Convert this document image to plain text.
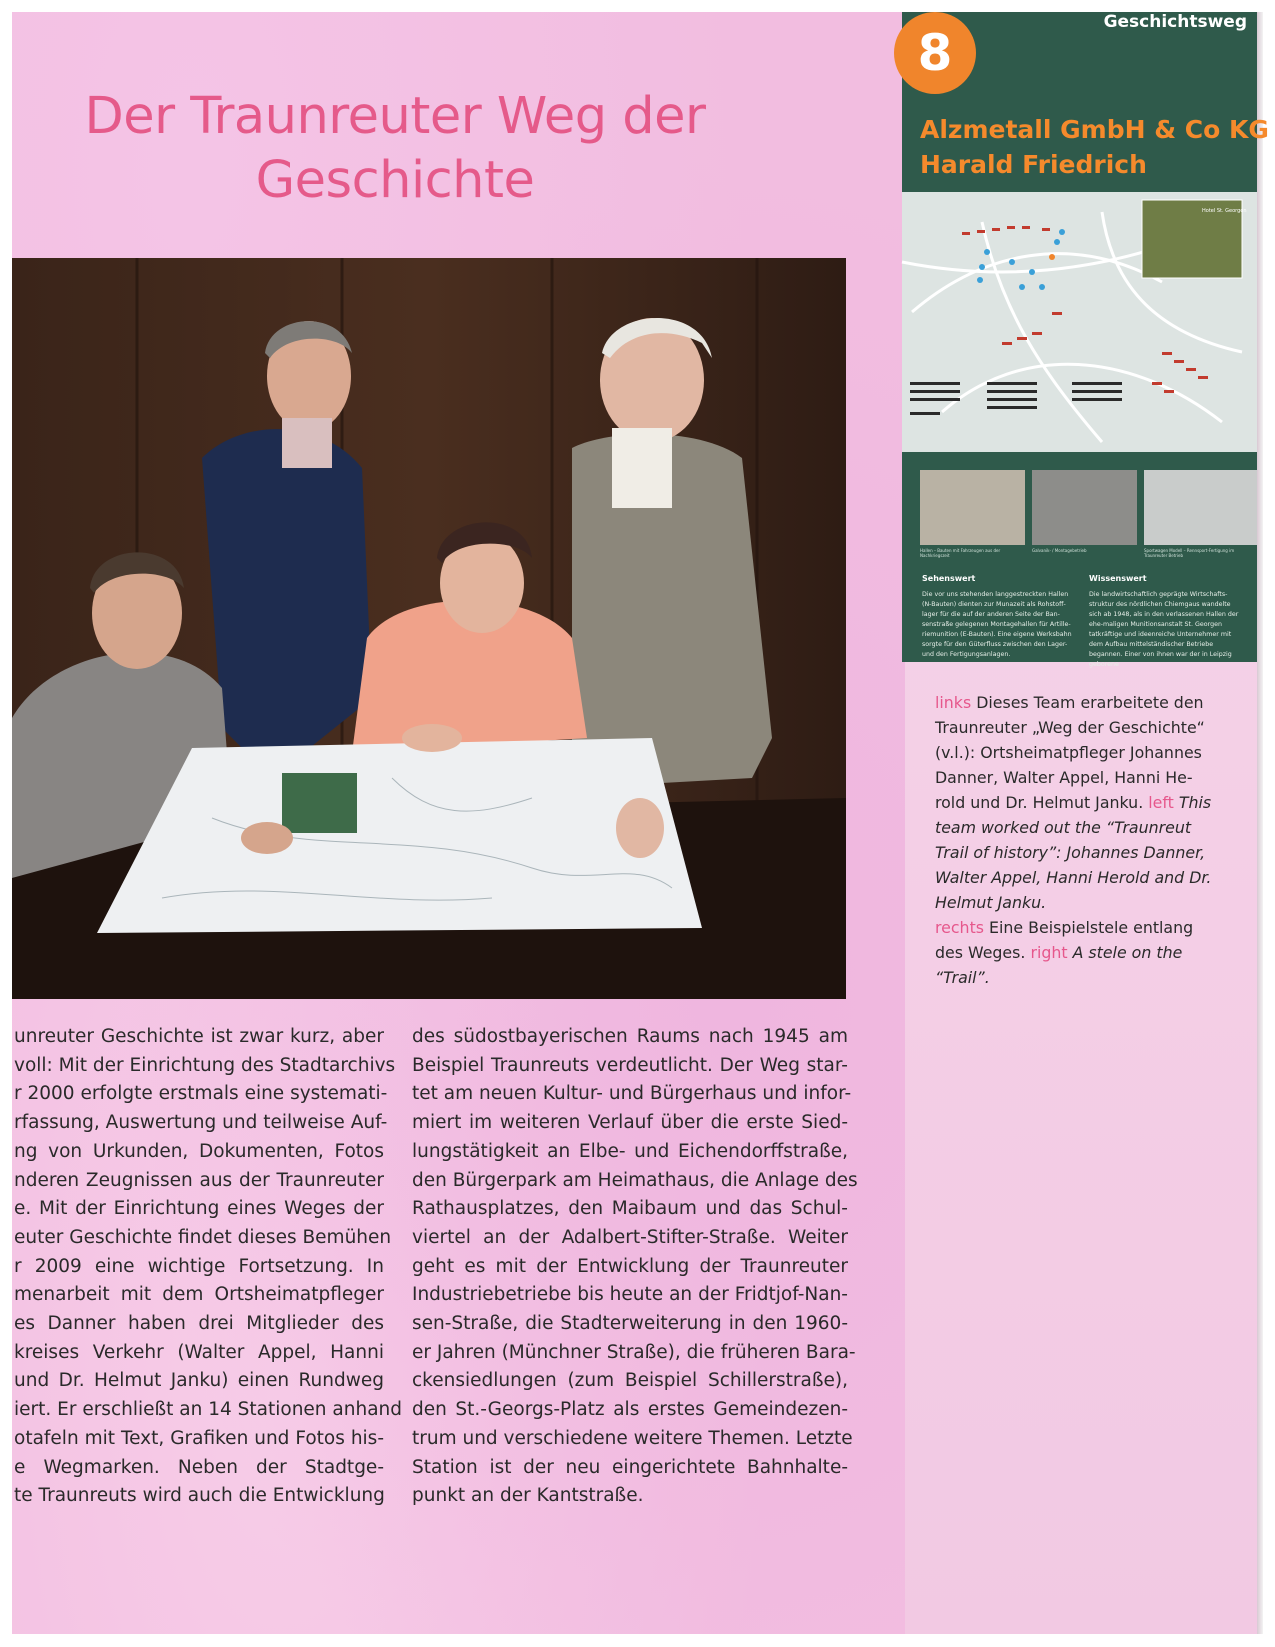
Der Traunreuter Weg der
Geschichte
unreuter Geschichte ist zwar kurz, aber
voll: Mit der Einrichtung des Stadtarchivs
r 2000 erfolgte erstmals eine systemati-
rfassung, Auswertung und teilweise Auf-
ng von Urkunden, Dokumenten, Fotos
nderen Zeugnissen aus der Traunreuter
e. Mit der Einrichtung eines Weges der
euter Geschichte findet dieses Bemühen
r 2009 eine wichtige Fortsetzung. In
menarbeit mit dem Ortsheimatpfleger
es Danner haben drei Mitglieder des
kreises Verkehr (Walter Appel, Hanni
und Dr. Helmut Janku) einen Rundweg
iert. Er erschließt an 14 Stationen anhand
otafeln mit Text, Grafiken und Fotos his-
e Wegmarken. Neben der Stadtge-
te Traunreuts wird auch die Entwicklung
des südostbayerischen Raums nach 1945 am
Beispiel Traunreuts verdeutlicht. Der Weg star-
tet am neuen Kultur- und Bürgerhaus und infor-
miert im weiteren Verlauf über die erste Sied-
lungstätigkeit an Elbe- und Eichendorffstraße,
den Bürgerpark am Heimathaus, die Anlage des
Rathausplatzes, den Maibaum und das Schul-
viertel an der Adalbert-Stifter-Straße. Weiter
geht es mit der Entwicklung der Traunreuter
Industriebetriebe bis heute an der Fridtjof-Nan-
sen-Straße, die Stadterweiterung in den 1960-
er Jahren (Münchner Straße), die früheren Bara-
ckensiedlungen (zum Beispiel Schillerstraße),
den St.-Georgs-Platz als erstes Gemeindezen-
trum und verschiedene weitere Themen. Letzte
Station ist der neu eingerichtete Bahnhalte-
punkt an der Kantstraße.
8
Geschichtsweg
Alzmetall GmbH & Co KG
Harald Friedrich
Hotel St. Georgen
Hallen – Bauten mit Fahrzeugen aus der Nachkriegszeit
Galvanik- / Montagebetrieb	Sportwagen Modell – Rennsport-Fertigung im Traunreuter Betrieb
Sehenswert
Die vor uns stehenden langgestreckten Hallen (N-Bauten) dienten zur Munazeit als Rohstoff-lager für die auf der anderen Seite der Ban-senstraße gelegenen Montagehallen für Artille-riemunition (E-Bauten). Eine eigene Werksbahn sorgte für den Güterfluss zwischen den Lager- und den Fertigungsanlagen.
Wissenswert
Die landwirtschaftlich geprägte Wirtschafts-struktur des nördlichen Chiemgaus wandelte sich ab 1948, als in den verlassenen Hallen der ehe-maligen Munitionsanstalt St. Georgen tatkräftige und ideenreiche Unternehmer mit dem Aufbau mittelständischer Betriebe begannen. Einer von ihnen war der in Leipzig geborene
links Dieses Team erarbeitete den
Traunreuter „Weg der Geschichte“
(v.l.): Ortsheimatpfleger Johannes
Danner, Walter Appel, Hanni He-
rold und Dr. Helmut Janku. left This
team worked out the “Traunreut
Trail of history”: Johannes Danner,
Walter Appel, Hanni Herold and Dr.
Helmut Janku.
rechts Eine Beispielstele entlang
des Weges. right A stele on the
“Trail”.
